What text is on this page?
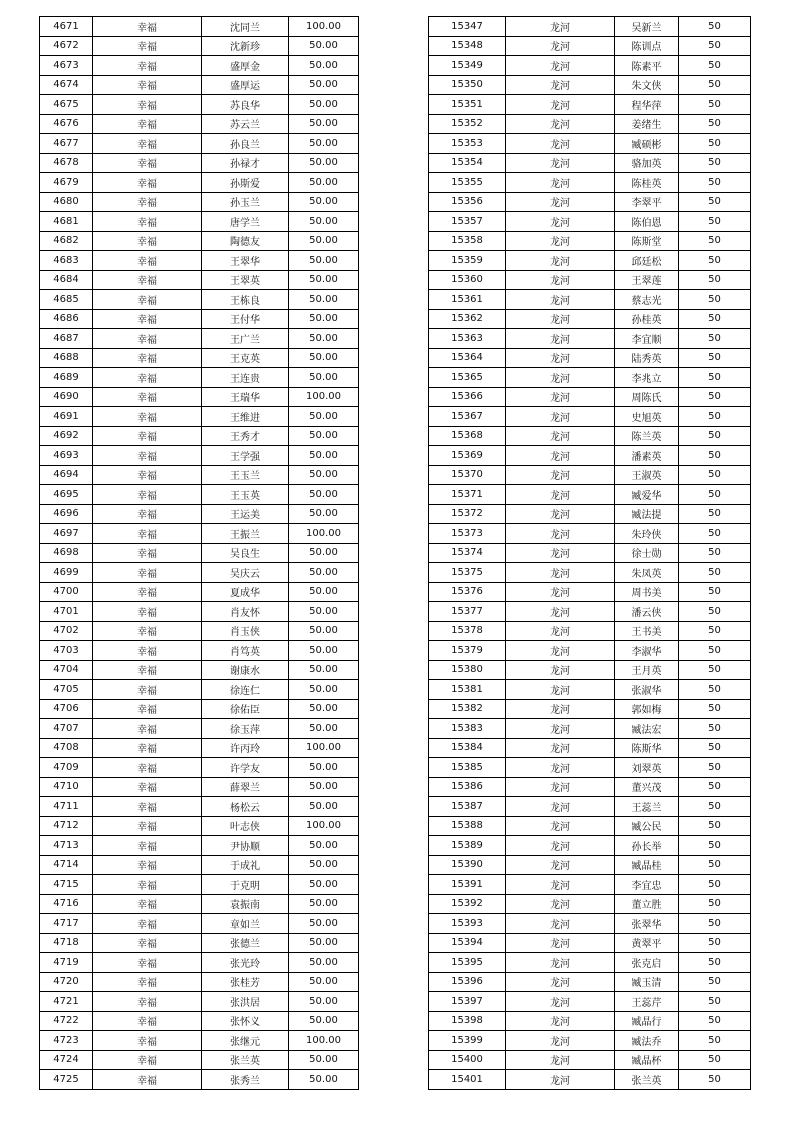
4671	幸福	沈同兰	100.00
4672	幸福	沈新珍	50.00
4673	幸福	盛厚金	50.00
4674	幸福	盛厚运	50.00
4675	幸福	苏良华	50.00
4676	幸福	苏云兰	50.00
4677	幸福	孙良兰	50.00
4678	幸福	孙禄才	50.00
4679	幸福	孙斯爱	50.00
4680	幸福	孙玉兰	50.00
4681	幸福	唐学兰	50.00
4682	幸福	陶德友	50.00
4683	幸福	王翠华	50.00
4684	幸福	王翠英	50.00
4685	幸福	王栋良	50.00
4686	幸福	王付华	50.00
4687	幸福	王广兰	50.00
4688	幸福	王克英	50.00
4689	幸福	王连贵	50.00
4690	幸福	王瑞华	100.00
4691	幸福	王维进	50.00
4692	幸福	王秀才	50.00
4693	幸福	王学强	50.00
4694	幸福	王玉兰	50.00
4695	幸福	王玉英	50.00
4696	幸福	王运美	50.00
4697	幸福	王振兰	100.00
4698	幸福	吴良生	50.00
4699	幸福	吴庆云	50.00
4700	幸福	夏成华	50.00
4701	幸福	肖友怀	50.00
4702	幸福	肖玉侠	50.00
4703	幸福	肖笃英	50.00
4704	幸福	谢康水	50.00
4705	幸福	徐连仁	50.00
4706	幸福	徐佑臣	50.00
4707	幸福	徐玉萍	50.00
4708	幸福	许丙玲	100.00
4709	幸福	许学友	50.00
4710	幸福	薛翠兰	50.00
4711	幸福	杨松云	50.00
4712	幸福	叶志侠	100.00
4713	幸福	尹协顺	50.00
4714	幸福	于成礼	50.00
4715	幸福	于克明	50.00
4716	幸福	袁振南	50.00
4717	幸福	章如兰	50.00
4718	幸福	张德兰	50.00
4719	幸福	张光玲	50.00
4720	幸福	张桂芳	50.00
4721	幸福	张洪居	50.00
4722	幸福	张怀义	50.00
4723	幸福	张继元	100.00
4724	幸福	张兰英	50.00
4725	幸福	张秀兰	50.00
15347	龙河	吴新兰	50
15348	龙河	陈训点	50
15349	龙河	陈素平	50
15350	龙河	朱文侠	50
15351	龙河	程华萍	50
15352	龙河	姜绪生	50
15353	龙河	臧硕彬	50
15354	龙河	骆加英	50
15355	龙河	陈桂英	50
15356	龙河	李翠平	50
15357	龙河	陈伯恩	50
15358	龙河	陈斯堂	50
15359	龙河	邱廷松	50
15360	龙河	王翠莲	50
15361	龙河	蔡志光	50
15362	龙河	孙桂英	50
15363	龙河	李宜顺	50
15364	龙河	陆秀英	50
15365	龙河	李兆立	50
15366	龙河	周陈氏	50
15367	龙河	史旭英	50
15368	龙河	陈兰英	50
15369	龙河	潘素英	50
15370	龙河	王淑英	50
15371	龙河	臧爱华	50
15372	龙河	臧法提	50
15373	龙河	朱玲侠	50
15374	龙河	徐士勋	50
15375	龙河	朱凤英	50
15376	龙河	周书美	50
15377	龙河	潘云侠	50
15378	龙河	王书美	50
15379	龙河	李淑华	50
15380	龙河	王月英	50
15381	龙河	张淑华	50
15382	龙河	郭如梅	50
15383	龙河	臧法宏	50
15384	龙河	陈斯华	50
15385	龙河	刘翠英	50
15386	龙河	董兴茂	50
15387	龙河	王蕊兰	50
15388	龙河	臧公民	50
15389	龙河	孙长举	50
15390	龙河	臧晶桂	50
15391	龙河	李宜忠	50
15392	龙河	董立胜	50
15393	龙河	张翠华	50
15394	龙河	黄翠平	50
15395	龙河	张克启	50
15396	龙河	臧玉清	50
15397	龙河	王蕊芹	50
15398	龙河	臧晶行	50
15399	龙河	臧法乔	50
15400	龙河	臧晶杯	50
15401	龙河	张兰英	50
